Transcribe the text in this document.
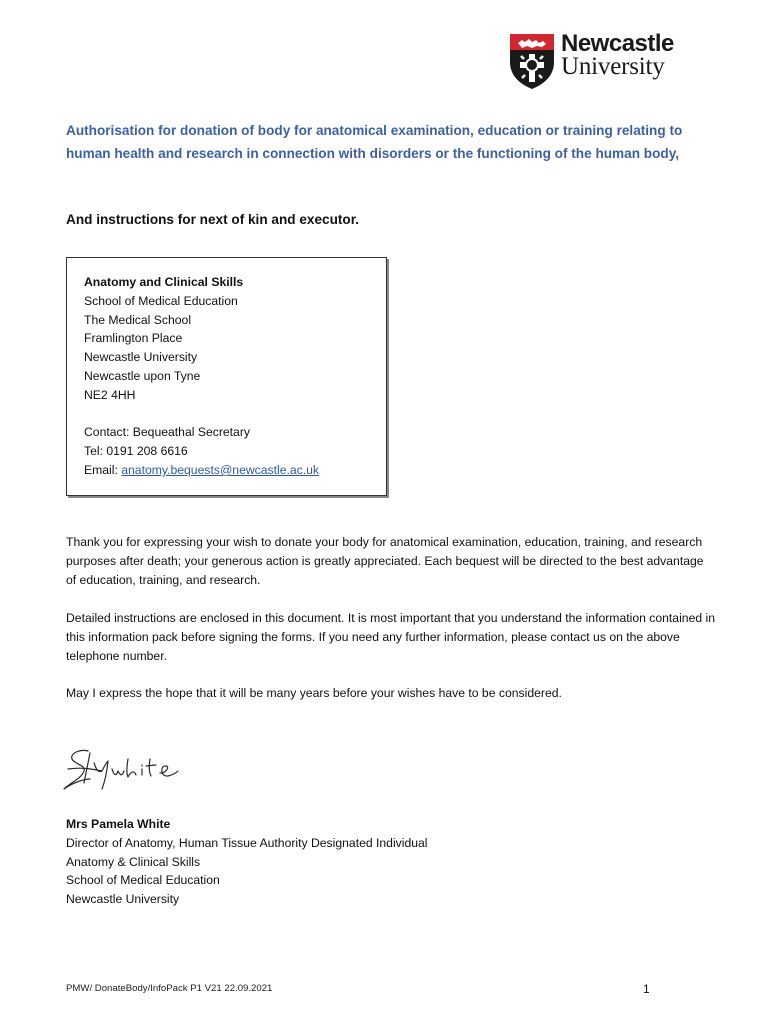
Newcastle
University
Authorisation for donation of body for anatomical examination, education or training relating to human health and research in connection with disorders or the functioning of the human body,
And instructions for next of kin and executor.
Anatomy and Clinical Skills
School of Medical Education
The Medical School
Framlington Place
Newcastle University
Newcastle upon Tyne
NE2 4HH
Contact: Bequeathal Secretary
Tel: 0191 208 6616
Email: anatomy.bequests@newcastle.ac.uk
Thank you for expressing your wish to donate your body for anatomical examination, education, training, and research purposes after death; your generous action is greatly appreciated. Each bequest will be directed to the best advantage of education, training, and research.
Detailed instructions are enclosed in this document. It is most important that you understand the information contained in this information pack before signing the forms. If you need any further information, please contact us on the above telephone number.
May I express the hope that it will be many years before your wishes have to be considered.
Mrs Pamela White
Director of Anatomy, Human Tissue Authority Designated Individual
Anatomy & Clinical Skills
School of Medical Education
Newcastle University
PMW/ DonateBody/InfoPack P1 V21 22.09.2021	1
